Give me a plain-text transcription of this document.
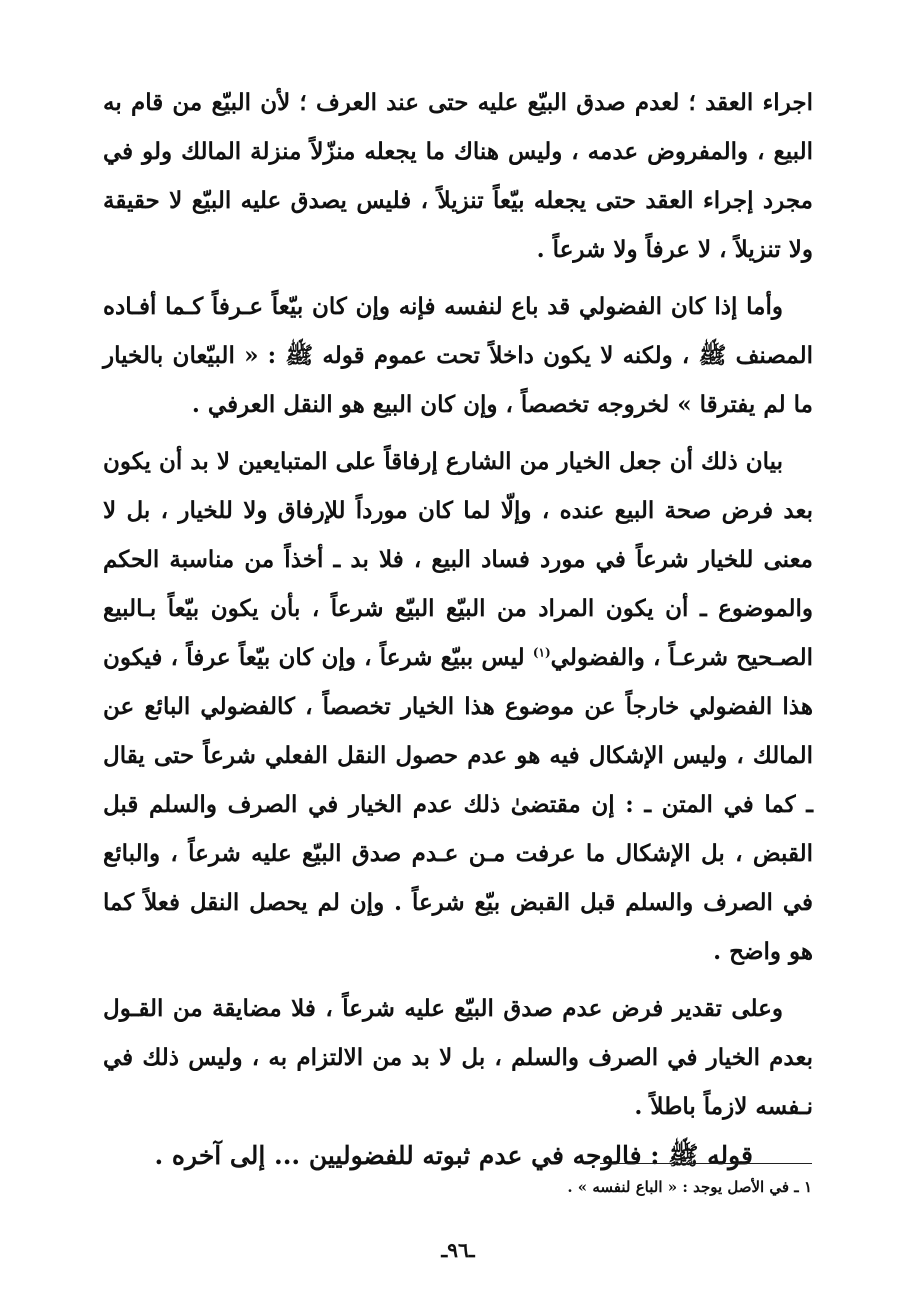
اجراء العقد ؛ لعدم صدق البيّع عليه حتى عند العرف ؛ لأن البيّع من قام به البيع ، والمفروض عدمه ، وليس هناك ما يجعله منزّلاً منزلة المالك ولو في مجرد إجراء العقد حتى يجعله بيّعاً تنزيلاً ، فليس يصدق عليه البيّع لا حقيقة ولا تنزيلاً ، لا عرفاً ولا شرعاً .

وأما إذا كان الفضولي قد باع لنفسه فإنه وإن كان بيّعاً عـرفاً كـما أفـاده المصنف ﷺ ، ولكنه لا يكون داخلاً تحت عموم قوله ﷺ : « البيّعان بالخيار ما لم يفترقا » لخروجه تخصصاً ، وإن كان البيع هو النقل العرفي .

بيان ذلك أن جعل الخيار من الشارع إرفاقاً على المتبايعين لا بد أن يكون بعد فرض صحة البيع عنده ، وإلّا لما كان مورداً للإرفاق ولا للخيار ، بل لا معنى للخيار شرعاً في مورد فساد البيع ، فلا بد ـ أخذاً من مناسبة الحكم والموضوع ـ أن يكون المراد من البيّع البيّع شرعاً ، بأن يكون بيّعاً بـالبيع الصـحيح شرعـاً ، والفضولي$^{(١)}$ ليس ببيّع شرعاً ، وإن كان بيّعاً عرفاً ، فيكون هذا الفضولي خارجاً عن موضوع هذا الخيار تخصصاً ، كالفضولي البائع عن المالك ، وليس الإشكال فيه هو عدم حصول النقل الفعلي شرعاً حتى يقال ـ كما في المتن ـ : إن مقتضىٰ ذلك عدم الخيار في الصرف والسلم قبل القبض ، بل الإشكال ما عرفت مـن عـدم صدق البيّع عليه شرعاً ، والبائع في الصرف والسلم قبل القبض بيّع شرعاً . وإن لم يحصل النقل فعلاً كما هو واضح .

وعلى تقدير فرض عدم صدق البيّع عليه شرعاً ، فلا مضايقة من القـول بعدم الخيار في الصرف والسلم ، بل لا بد من الالتزام به ، وليس ذلك في نـفسه لازماً باطلاً .

قوله ﷺ : فالوجه في عدم ثبوته للفضوليين ... إلى آخره .

١ ـ في الأصل يوجد : « الباع لنفسه » .
ـ٩٦ـ
